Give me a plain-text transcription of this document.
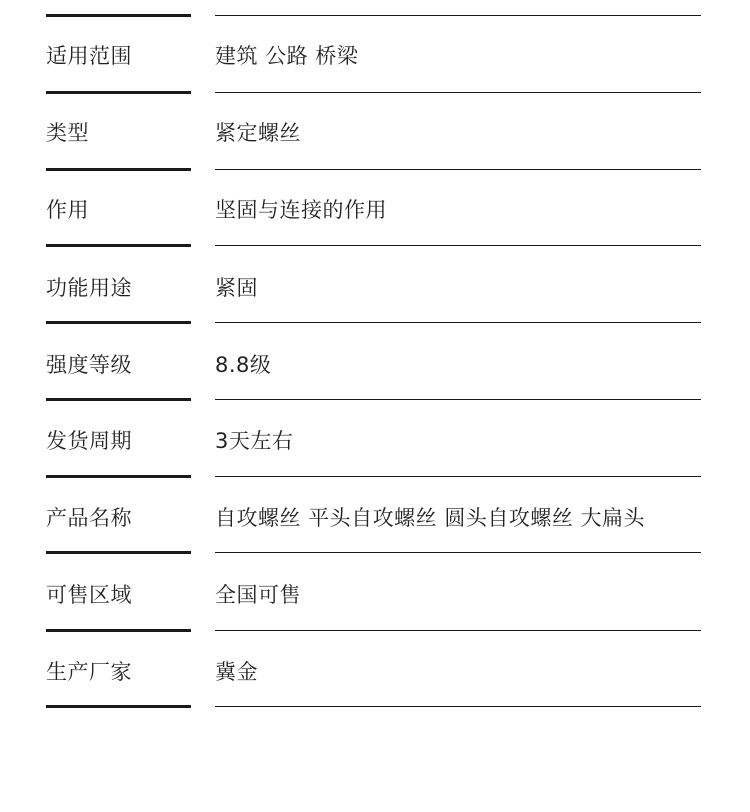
适用范围	建筑 公路 桥梁
类型	紧定螺丝
作用	坚固与连接的作用
功能用途	紧固
强度等级	8.8级
发货周期	3天左右
产品名称	自攻螺丝 平头自攻螺丝 圆头自攻螺丝 大扁头
可售区域	全国可售
生产厂家	冀金
